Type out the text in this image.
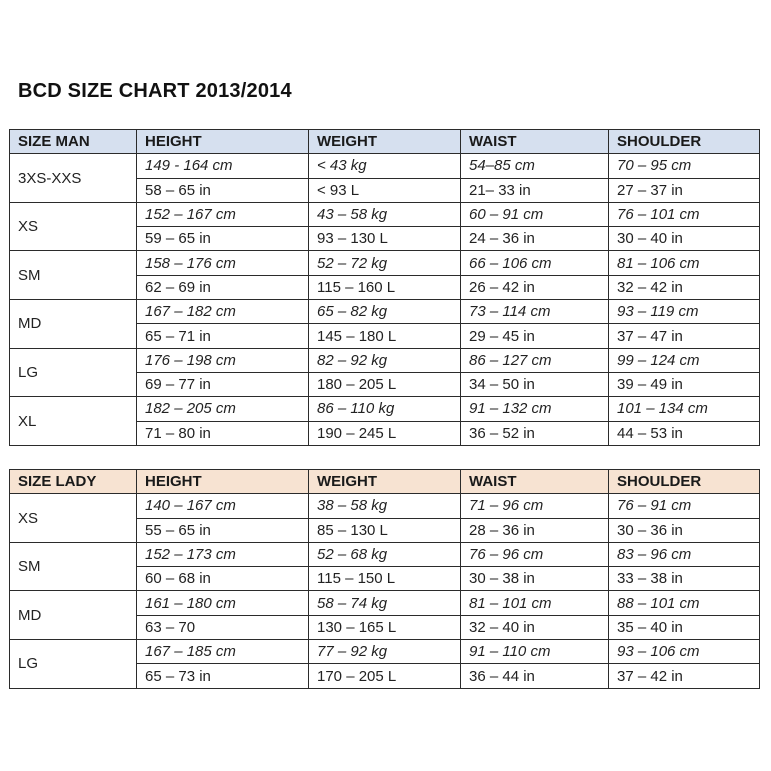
BCD SIZE CHART 2013/2014
SIZE MAN	HEIGHT	WEIGHT	WAIST	SHOULDER
3XS-XXS	149 - 164 cm	< 43 kg	54–85 cm	70 – 95 cm
	58 – 65 in	< 93 L	21– 33 in	27 – 37 in
XS	152 – 167 cm	43 – 58 kg	60 – 91 cm	76 – 101 cm
	59 – 65 in	93 – 130 L	24 – 36 in	30 – 40 in
SM	158 – 176 cm	52 – 72 kg	66 – 106 cm	81 – 106 cm
	62 – 69 in	115 – 160 L	26 – 42 in	32 – 42 in
MD	167 – 182 cm	65 – 82 kg	73 – 114 cm	93 – 119 cm
	65 – 71 in	145 – 180 L	29 – 45 in	37 – 47 in
LG	176 – 198 cm	82 – 92 kg	86 – 127 cm	99 – 124 cm
	69 – 77 in	180 – 205 L	34 – 50 in	39 – 49 in
XL	182 – 205 cm	86 – 110 kg	91 – 132 cm	101 – 134 cm
	71 – 80 in	190 – 245 L	36 – 52 in	44 – 53 in
SIZE LADY	HEIGHT	WEIGHT	WAIST	SHOULDER
XS	140 – 167 cm	38 – 58 kg	71 – 96 cm	76 – 91 cm
	55 – 65 in	85 – 130 L	28 – 36 in	30 – 36 in
SM	152 – 173 cm	52 – 68 kg	76 – 96 cm	83 – 96 cm
	60 – 68 in	115 – 150 L	30 – 38 in	33 – 38 in
MD	161 – 180 cm	58 – 74 kg	81 – 101 cm	88 – 101 cm
	63 – 70	130 – 165 L	32 – 40 in	35 – 40 in
LG	167 – 185 cm	77 – 92 kg	91 – 110 cm	93 – 106 cm
	65 – 73 in	170 – 205 L	36 – 44 in	37 – 42 in
